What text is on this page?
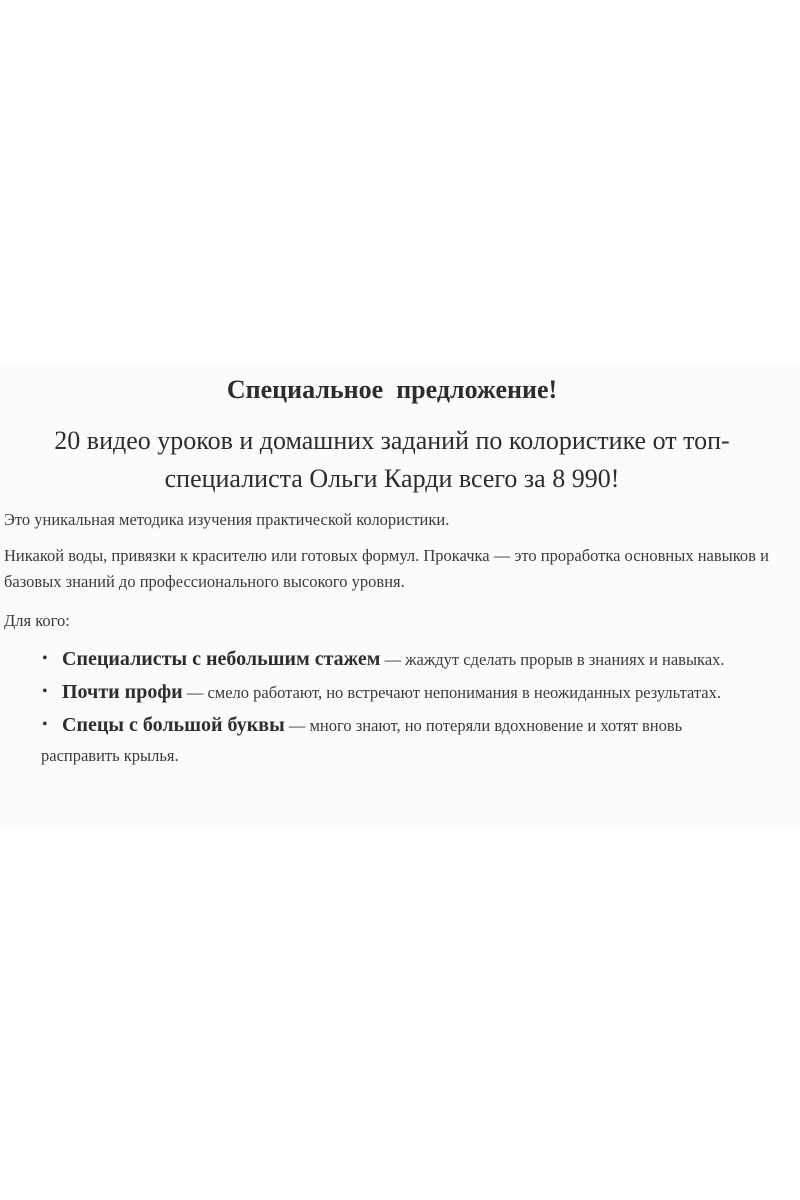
Специальное  предложение!

20 видео уроков и домашних заданий по колористике от топ-специалиста Ольги Карди всего за 8 990!

Это уникальная методика изучения практической колористики.

Никакой воды, привязки к красителю или готовых формул. Прокачка — это проработка основных навыков и базовых знаний до профессионального высокого уровня.

Для кого:

• Специалисты с небольшим стажем — жаждут сделать прорыв в знаниях и навыках.
• Почти профи — смело работают, но встречают непонимания в неожиданных результатах.
• Спецы с большой буквы — много знают, но потеряли вдохновение и хотят вновь расправить крылья.
